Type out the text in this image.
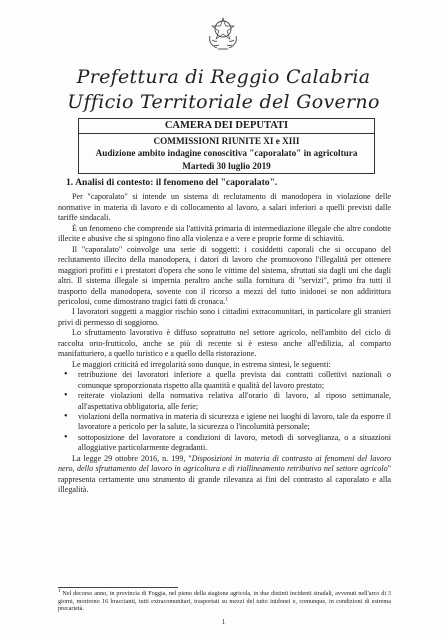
Prefettura di Reggio Calabria
Ufficio Territoriale del Governo
CAMERA DEI DEPUTATI
COMMISSIONI RIUNITE XI e XIII
Audizione ambito indagine conoscitiva "caporalato" in agricoltura
Martedì 30 luglio 2019

1. Analisi di contesto: il fenomeno del "caporalato".

Per "caporalato" si intende un sistema di reclutamento di manodopera in violazione delle normative in materia di lavoro e di collocamento al lavoro, a salari inferiori a quelli previsti dalle tariffe sindacali.

È un fenomeno che comprende sia l'attività primaria di intermediazione illegale che altre condotte illecite e abusive che si spingono fino alla violenza e a vere e proprie forme di schiavitù.

Il "caporalato" coinvolge una serie di soggetti: i cosiddetti caporali che si occupano del reclutamento illecito della manodopera, i datori di lavoro che promuovono l'illegalità per ottenere maggiori profitti e i prestatori d'opera che sono le vittime del sistema, sfruttati sia dagli uni che dagli altri. Il sistema illegale si impernia peraltro anche sulla fornitura di "servizi", primo fra tutti il trasporto della manodopera, sovente con il ricorso a mezzi del tutto inidonei se non addirittura pericolosi, come dimostrano tragici fatti di cronaca.$^1$

I lavoratori soggetti a maggior rischio sono i cittadini extracomunitari, in particolare gli stranieri privi di permesso di soggiorno.

Lo sfruttamento lavorativo è diffuso soprattutto nel settore agricolo, nell'ambito del ciclo di raccolta orto-frutticolo, anche se più di recente si è esteso anche all'edilizia, al comparto manifatturiero, a quello turistico e a quello della ristorazione.

Le maggiori criticità ed irregolarità sono dunque, in estrema sintesi, le seguenti:

• retribuzione dei lavoratori inferiore a quella prevista dai contratti collettivi nazionali o comunque sproporzionata rispetto alla quantità e qualità del lavoro prestato;
• reiterate violazioni della normativa relativa all'orario di lavoro, al riposo settimanale, all'aspettativa obbligatoria, alle ferie;
• violazioni della normativa in materia di sicurezza e igiene nei luoghi di lavoro, tale da esporre il lavoratore a pericolo per la salute, la sicurezza o l'incolumità personale;
• sottoposizione del lavoratore a condizioni di lavoro, metodi di sorveglianza, o a situazioni alloggiative particolarmente degradanti.

La legge 29 ottobre 2016, n. 199, "Disposizioni in materia di contrasto ai fenomeni del lavoro nero, dello sfruttamento del lavoro in agricoltura e di riallineamento retributivo nel settore agricolo" rappresenta certamente uno strumento di grande rilevanza ai fini del contrasto al caporalato e alla illegalità.

$^1$ Nel decorso anno, in provincia di Foggia, nel pieno della stagione agricola, in due distinti incidenti stradali, avvenuti nell'arco di 3 giorni, morirono 16 braccianti, tutti extracomunitari, trasportati su mezzi del tutto inidonei e, comunque, in condizioni di estrema precarietà.
1
